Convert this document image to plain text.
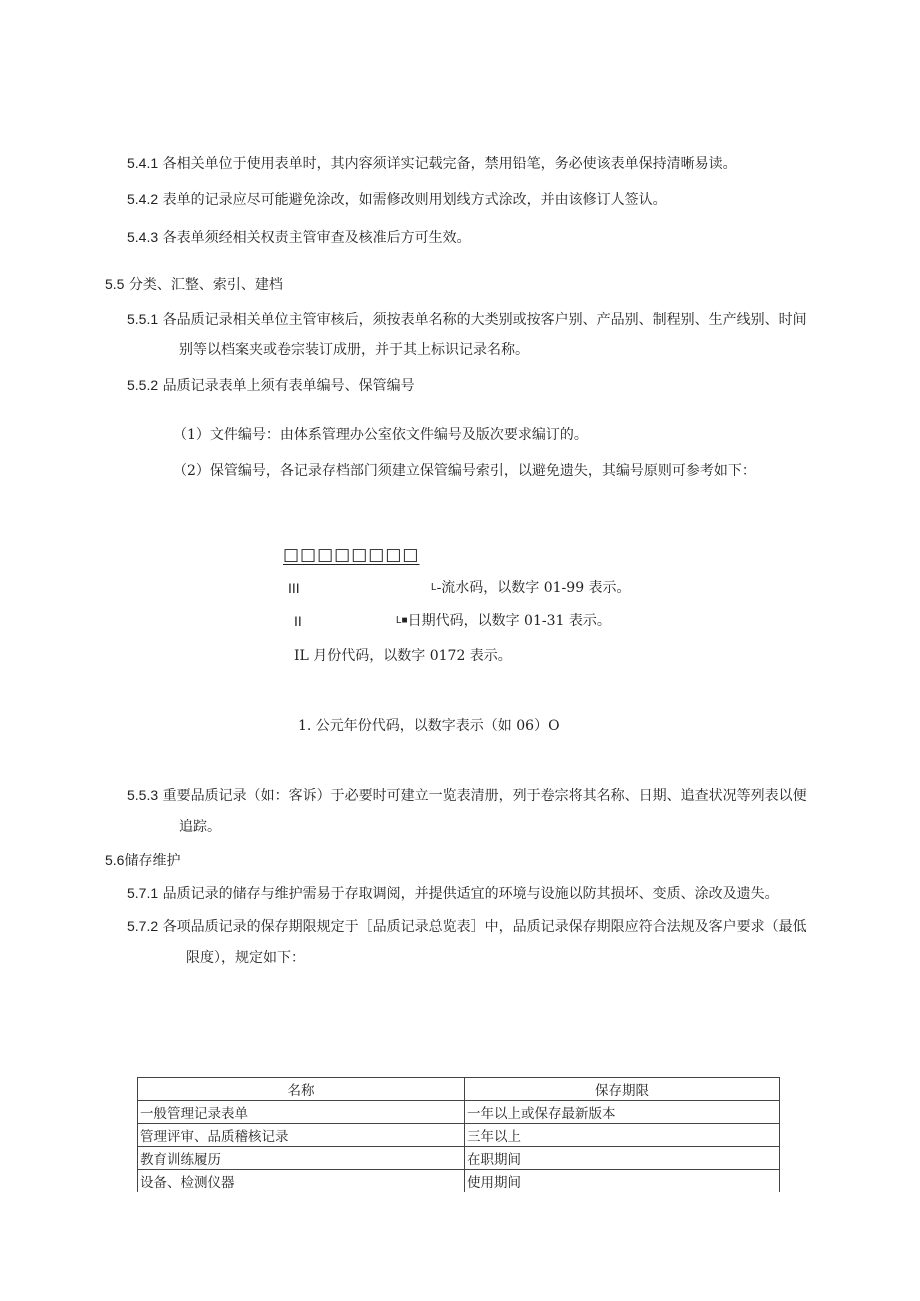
5.4.1 各相关单位于使用表单时，其内容须详实记载完备，禁用铅笔，务必使该表单保持清晰易读。
5.4.2 表单的记录应尽可能避免涂改，如需修改则用划线方式涂改，并由该修订人签认。
5.4.3 各表单须经相关权责主管审查及核准后方可生效。
5.5 分类、汇整、索引、建档
5.5.1 各品质记录相关单位主管审核后，须按表单名称的大类别或按客户别、产品别、制程别、生产线别、时间
别等以档案夹或卷宗装订成册，并于其上标识记录名称。
5.5.2 品质记录表单上须有表单编号、保管编号
（1）文件编号：由体系管理办公室依文件编号及版次要求编订的。
（2）保管编号，各记录存档部门须建立保管编号索引，以避免遗失，其编号原则可参考如下：
□□□□□□□□
III	$^L$-流水码，以数字 01-99 表示。
II	$^{L■}$日期代码，以数字 01-31 表示。
IL 月份代码，以数字 0172 表示。
1. 公元年份代码，以数字表示（如 06）O
5.5.3 重要品质记录（如：客诉）于必要时可建立一览表清册，列于卷宗将其名称、日期、追查状况等列表以便
追踪。
5.6储存维护
5.7.1 品质记录的储存与维护需易于存取调阅，并提供适宜的环境与设施以防其损坏、变质、涂改及遗失。
5.7.2 各项品质记录的保存期限规定于［品质记录总览表］中，品质记录保存期限应符合法规及客户要求（最低
限度），规定如下：
名称	保存期限
一般管理记录表单	一年以上或保存最新版本
管理评审、品质稽核记录	三年以上
教育训练履历	在职期间
设备、检测仪器	使用期间
